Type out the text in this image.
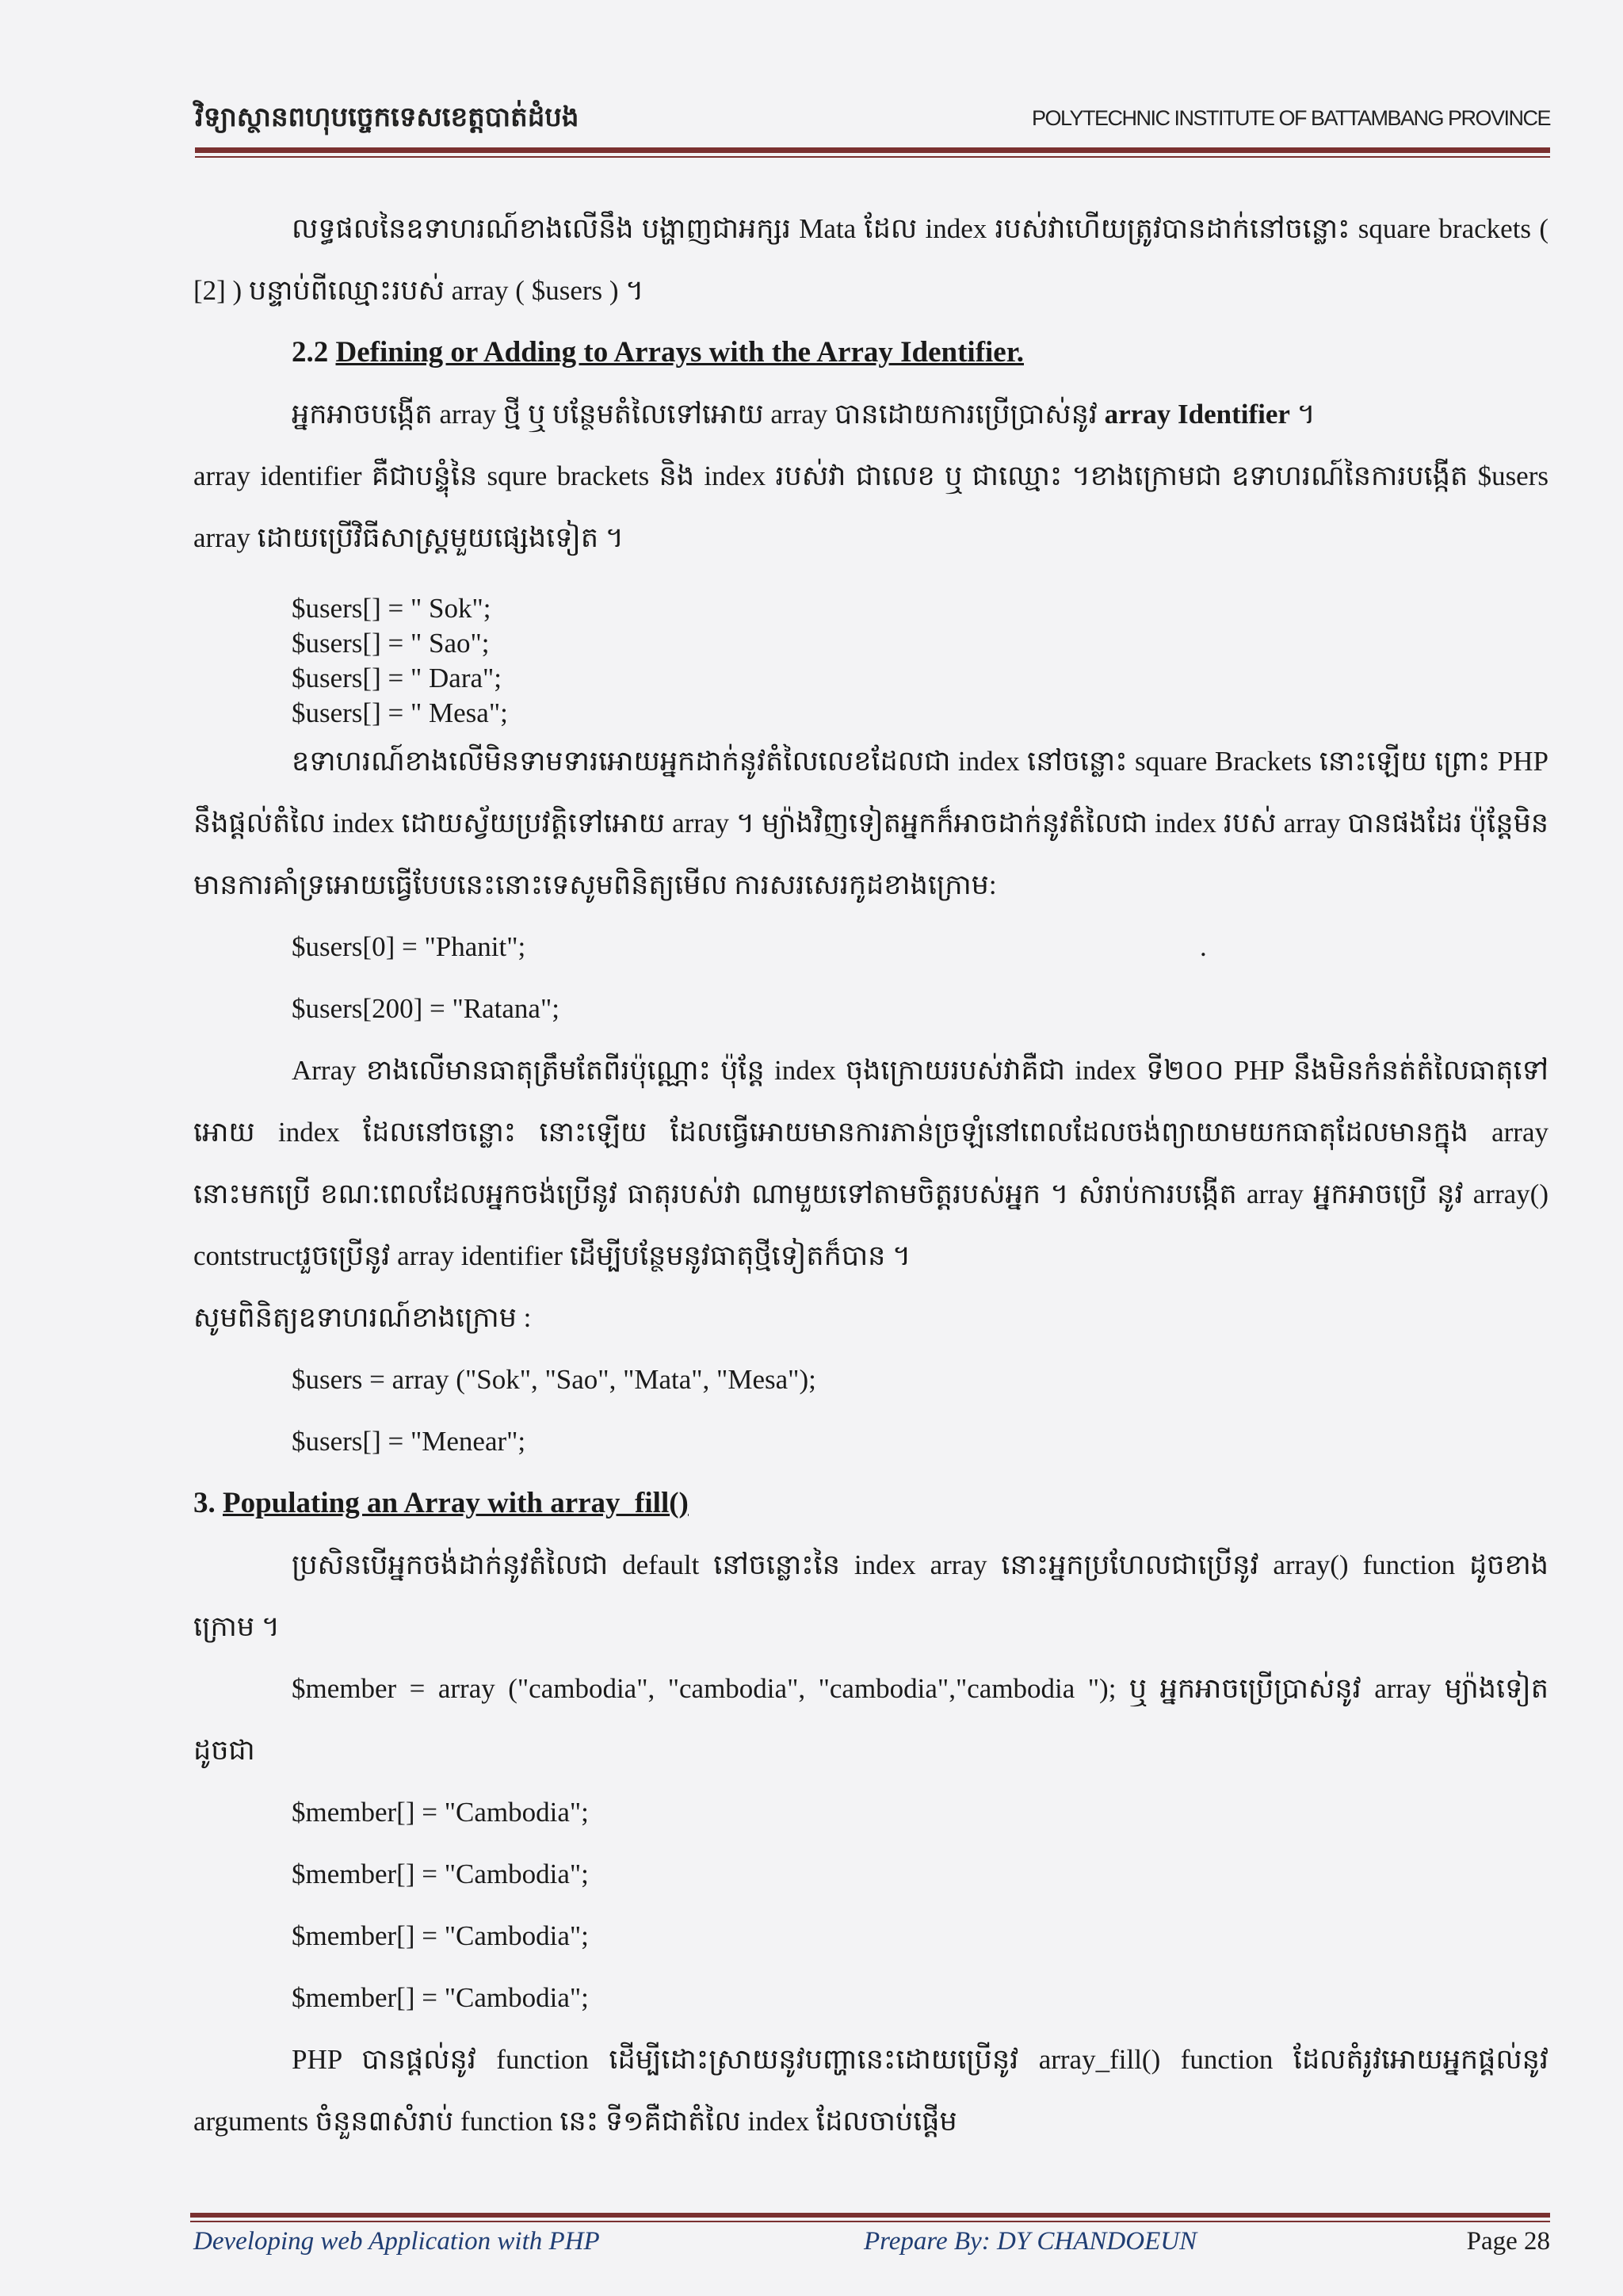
វិទ្យាស្ថានពហុបច្ចេកទេសខេត្តបាត់ដំបង	POLYTECHNIC INSTITUTE OF BATTAMBANG PROVINCE

លទ្ធផលនៃឧទាហរណ៍ខាងលើនឹង បង្ហាញជាអក្សរ Mata ដែល index របស់វាហើយត្រូវបានដាក់នៅចន្លោះ square brackets ( [2] ) បន្ទាប់ពីឈ្មោះរបស់ array ( $users ) ។

2.2 Defining or Adding to Arrays with the Array Identifier.

អ្នកអាចបង្កើត array ថ្មី ឬ បន្ថែមតំលៃទៅអោយ array បានដោយការប្រើប្រាស់នូវ array Identifier ។

array identifier គឺជាបន្ទុំនៃ squre brackets និង index របស់វា ជាលេខ ឬ ជាឈ្មោះ ។ខាងក្រោមជា ឧទាហរណ៍នៃការបង្កើត $users array ដោយប្រើវិធីសាស្ត្រមួយផ្សេងទៀត ។

$users[] = " Sok";

$users[] = " Sao";

$users[] = " Dara";

$users[] = " Mesa";

ឧទាហរណ៍ខាងលើមិនទាមទារអោយអ្នកដាក់នូវតំលៃលេខដែលជា index នៅចន្លោះ square Brackets នោះឡើយ ព្រោះ PHP នឹងផ្តល់តំលៃ index ដោយស្វ័យប្រវត្តិទៅអោយ array ។ ម្យ៉ាងវិញទៀតអ្នកក៏អាចដាក់នូវតំលៃជា index របស់ array បានផងដែរ ប៉ុន្តែមិនមានការគាំទ្រអោយធ្វើបែបនេះនោះទេសូមពិនិត្យមើល ការសរសេរកូដខាងក្រោម:

$users[0] = "Phanit";	.

$users[200] = "Ratana";

Array ខាងលើមានធាតុត្រឹមតែពីរប៉ុណ្ណោះ ប៉ុន្តែ index ចុងក្រោយរបស់វាគឺជា index ទី២០០ PHP នឹងមិនកំនត់តំលៃធាតុទៅអោយ index ដែលនៅចន្លោះ នោះឡើយ ដែលធ្វើអោយមានការភាន់ច្រឡំនៅពេលដែលចង់ព្យាយាមយកធាតុដែលមានក្នុង array នោះមកប្រើ ខណៈពេលដែលអ្នកចង់ប្រើនូវ ធាតុរបស់វា ណាមួយទៅតាមចិត្តរបស់អ្នក ។ សំរាប់ការបង្កើត array អ្នកអាចប្រើ នូវ array() contstructរួចប្រើនូវ array identifier ដើម្បីបន្ថែមនូវធាតុថ្មីទៀតក៏បាន ។

សូមពិនិត្យឧទាហរណ៍ខាងក្រោម :

$users = array ("Sok", "Sao", "Mata", "Mesa");

$users[] = "Menear";

3. Populating an Array with array_fill()

ប្រសិនបើអ្នកចង់ដាក់នូវតំលៃជា default នៅចន្លោះនៃ index array នោះអ្នកប្រហែលជាប្រើនូវ array() function ដូចខាងក្រោម ។

$member = array ("cambodia", "cambodia", "cambodia","cambodia "); ឬ អ្នកអាចប្រើប្រាស់នូវ array ម្យ៉ាងទៀតដូចជា

$member[] = "Cambodia";

$member[] = "Cambodia";

$member[] = "Cambodia";

$member[] = "Cambodia";

PHP បានផ្តល់នូវ function ដើម្បីដោះស្រាយនូវបញ្ហានេះដោយប្រើនូវ array_fill() function ដែលតំរូវអោយអ្នកផ្តល់នូវ arguments ចំនួន៣សំរាប់ function នេះ ទី១គឺជាតំលៃ index ដែលចាប់ផ្តើម

Developing web Application with PHP	Prepare By: DY CHANDOEUN	Page 28
